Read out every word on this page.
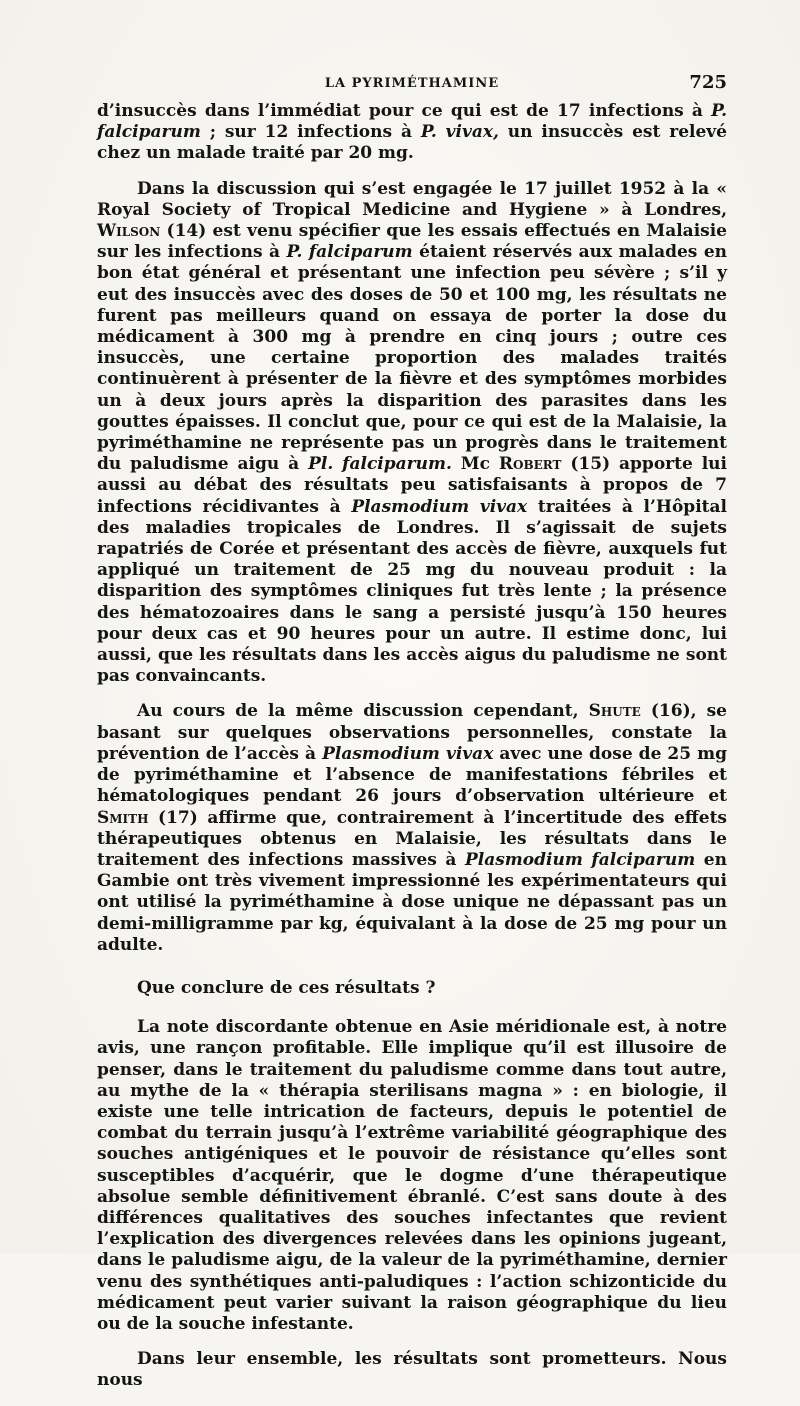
LA PYRIMÉTHAMINE	725

d’insuccès dans l’immédiat pour ce qui est de 17 infections à P. falciparum ; sur 12 infections à P. vivax, un insuccès est relevé chez un malade traité par 20 mg.

Dans la discussion qui s’est engagée le 17 juillet 1952 à la « Royal Society of Tropical Medicine and Hygiene » à Londres, Wilson (14) est venu spécifier que les essais effectués en Malaisie sur les infections à P. falciparum étaient réservés aux malades en bon état général et présentant une infection peu sévère ; s’il y eut des insuccès avec des doses de 50 et 100 mg, les résultats ne furent pas meilleurs quand on essaya de porter la dose du médicament à 300 mg à prendre en cinq jours ; outre ces insuccès, une certaine proportion des malades traités continuèrent à présenter de la fièvre et des symptômes morbides un à deux jours après la disparition des parasites dans les gouttes épaisses. Il conclut que, pour ce qui est de la Malaisie, la pyriméthamine ne représente pas un progrès dans le traitement du paludisme aigu à Pl. falciparum. Mc Robert (15) apporte lui aussi au débat des résultats peu satisfaisants à propos de 7 infections récidivantes à Plasmodium vivax traitées à l’Hôpital des maladies tropicales de Londres. Il s’agissait de sujets rapatriés de Corée et présentant des accès de fièvre, auxquels fut appliqué un traitement de 25 mg du nouveau produit : la disparition des symptômes cliniques fut très lente ; la présence des hématozoaires dans le sang a persisté jusqu’à 150 heures pour deux cas et 90 heures pour un autre. Il estime donc, lui aussi, que les résultats dans les accès aigus du paludisme ne sont pas convaincants.

Au cours de la même discussion cependant, Shute (16), se basant sur quelques observations personnelles, constate la prévention de l’accès à Plasmodium vivax avec une dose de 25 mg de pyriméthamine et l’absence de manifestations fébriles et hématologiques pendant 26 jours d’observation ultérieure et Smith (17) affirme que, contrairement à l’incertitude des effets thérapeutiques obtenus en Malaisie, les résultats dans le traitement des infections massives à Plasmodium falciparum en Gambie ont très vivement impressionné les expérimentateurs qui ont utilisé la pyriméthamine à dose unique ne dépassant pas un demi-milligramme par kg, équivalant à la dose de 25 mg pour un adulte.

Que conclure de ces résultats ?

La note discordante obtenue en Asie méridionale est, à notre avis, une rançon profitable. Elle implique qu’il est illusoire de penser, dans le traitement du paludisme comme dans tout autre, au mythe de la « thérapia sterilisans magna » : en biologie, il existe une telle intrication de facteurs, depuis le potentiel de combat du terrain jusqu’à l’extrême variabilité géographique des souches antigéniques et le pouvoir de résistance qu’elles sont susceptibles d’acquérir, que le dogme d’une thérapeutique absolue semble définitivement ébranlé. C’est sans doute à des différences qualitatives des souches infectantes que revient l’explication des divergences relevées dans les opinions jugeant, dans le paludisme aigu, de la valeur de la pyriméthamine, dernier venu des synthétiques anti-paludiques : l’action schizonticide du médicament peut varier suivant la raison géographique du lieu ou de la souche infestante.

Dans leur ensemble, les résultats sont prometteurs. Nous nous
